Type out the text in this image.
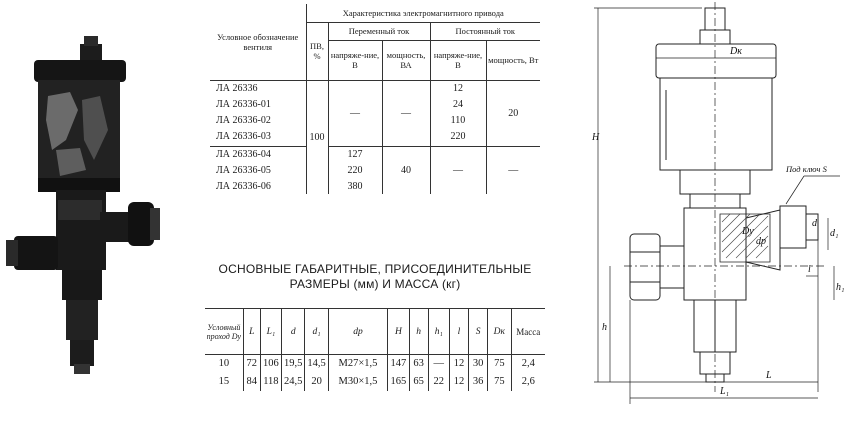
Условное обозначение вентиля	Характеристика электромагнитного привода				
	ПВ, %	Переменный ток		Постоянный ток	
		напряже-ние, В	мощность, ВА	напряже-ние, В	мощность, Вт
ЛА 26336	100	—	—	12	20
ЛА 26336-01				24	
ЛА 26336-02				110	
ЛА 26336-03				220	
ЛА 26336-04		127	40	—	—
ЛА 26336-05		220			
ЛА 26336-06		380			
ОСНОВНЫЕ ГАБАРИТНЫЕ, ПРИСОЕДИНИТЕЛЬНЫЕ
РАЗМЕРЫ (мм) И МАССА (кг)
Условный проход Dу	L	L₁	d	d₁	dр	H	h	h₁	l	S	Dк	Масса
10	72	106	19,5	14,5	M27×1,5	147	63	—	12	30	75	2,4
15	84	118	24,5	20	M30×1,5	165	65	22	12	36	75	2,6
Dк
H
h
h₁
L
L₁
l
d₁
d
Dу
dр
Под ключ S
